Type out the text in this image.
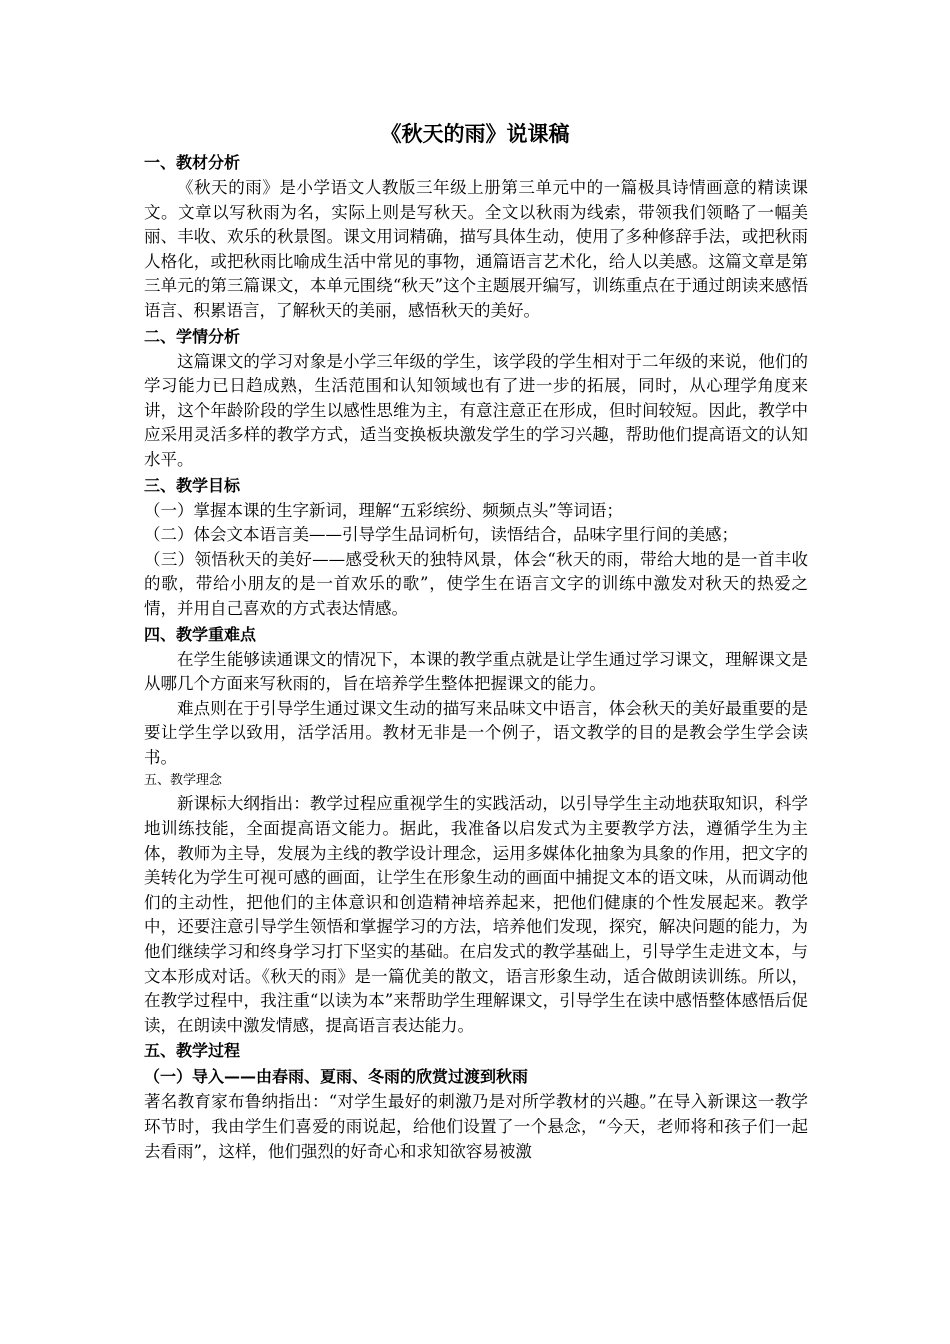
《秋天的雨》说课稿
一、教材分析

《秋天的雨》是小学语文人教版三年级上册第三单元中的一篇极具诗情画意的精读课文。文章以写秋雨为名，实际上则是写秋天。全文以秋雨为线索，带领我们领略了一幅美丽、丰收、欢乐的秋景图。课文用词精确，描写具体生动，使用了多种修辞手法，或把秋雨人格化，或把秋雨比喻成生活中常见的事物，通篇语言艺术化，给人以美感。这篇文章是第三单元的第三篇课文，本单元围绕“秋天”这个主题展开编写，训练重点在于通过朗读来感悟语言、积累语言，了解秋天的美丽，感悟秋天的美好。

二、学情分析

这篇课文的学习对象是小学三年级的学生，该学段的学生相对于二年级的来说，他们的学习能力已日趋成熟，生活范围和认知领域也有了进一步的拓展，同时，从心理学角度来讲，这个年龄阶段的学生以感性思维为主，有意注意正在形成，但时间较短。因此，教学中应采用灵活多样的教学方式，适当变换板块激发学生的学习兴趣，帮助他们提高语文的认知水平。

三、教学目标

（一）掌握本课的生字新词，理解“五彩缤纷、频频点头”等词语；

（二）体会文本语言美——引导学生品词析句，读悟结合，品味字里行间的美感；

（三）领悟秋天的美好——感受秋天的独特风景，体会“秋天的雨，带给大地的是一首丰收的歌，带给小朋友的是一首欢乐的歌”，使学生在语言文字的训练中激发对秋天的热爱之情，并用自己喜欢的方式表达情感。

四、教学重难点

在学生能够读通课文的情况下，本课的教学重点就是让学生通过学习课文，理解课文是从哪几个方面来写秋雨的，旨在培养学生整体把握课文的能力。

难点则在于引导学生通过课文生动的描写来品味文中语言，体会秋天的美好最重要的是要让学生学以致用，活学活用。教材无非是一个例子，语文教学的目的是教会学生学会读书。

五、教学理念

新课标大纲指出：教学过程应重视学生的实践活动，以引导学生主动地获取知识，科学地训练技能，全面提高语文能力。据此，我准备以启发式为主要教学方法，遵循学生为主体，教师为主导，发展为主线的教学设计理念，运用多媒体化抽象为具象的作用，把文字的美转化为学生可视可感的画面，让学生在形象生动的画面中捕捉文本的语文味，从而调动他们的主动性，把他们的主体意识和创造精神培养起来，把他们健康的个性发展起来。教学中，还要注意引导学生领悟和掌握学习的方法，培养他们发现，探究，解决问题的能力，为他们继续学习和终身学习打下坚实的基础。在启发式的教学基础上，引导学生走进文本，与文本形成对话。《秋天的雨》是一篇优美的散文，语言形象生动，适合做朗读训练。所以，在教学过程中，我注重“以读为本”来帮助学生理解课文，引导学生在读中感悟整体感悟后促读，在朗读中激发情感，提高语言表达能力。

五、教学过程
（一）导入——由春雨、夏雨、冬雨的欣赏过渡到秋雨

著名教育家布鲁纳指出：“对学生最好的刺激乃是对所学教材的兴趣。”在导入新课这一教学环节时，我由学生们喜爱的雨说起，给他们设置了一个悬念，“今天，老师将和孩子们一起去看雨”，这样，他们强烈的好奇心和求知欲容易被激
